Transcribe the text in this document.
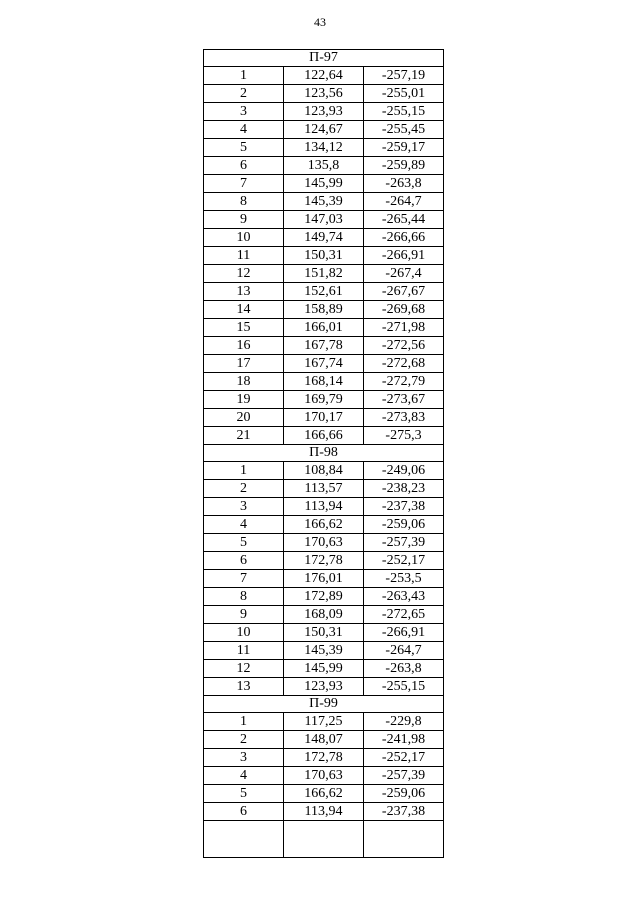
43
П-97		
1	122,64	-257,19
2	123,56	-255,01
3	123,93	-255,15
4	124,67	-255,45
5	134,12	-259,17
6	135,8	-259,89
7	145,99	-263,8
8	145,39	-264,7
9	147,03	-265,44
10	149,74	-266,66
11	150,31	-266,91
12	151,82	-267,4
13	152,61	-267,67
14	158,89	-269,68
15	166,01	-271,98
16	167,78	-272,56
17	167,74	-272,68
18	168,14	-272,79
19	169,79	-273,67
20	170,17	-273,83
21	166,66	-275,3
П-98		
1	108,84	-249,06
2	113,57	-238,23
3	113,94	-237,38
4	166,62	-259,06
5	170,63	-257,39
6	172,78	-252,17
7	176,01	-253,5
8	172,89	-263,43
9	168,09	-272,65
10	150,31	-266,91
11	145,39	-264,7
12	145,99	-263,8
13	123,93	-255,15
П-99		
1	117,25	-229,8
2	148,07	-241,98
3	172,78	-252,17
4	170,63	-257,39
5	166,62	-259,06
6	113,94	-237,38
